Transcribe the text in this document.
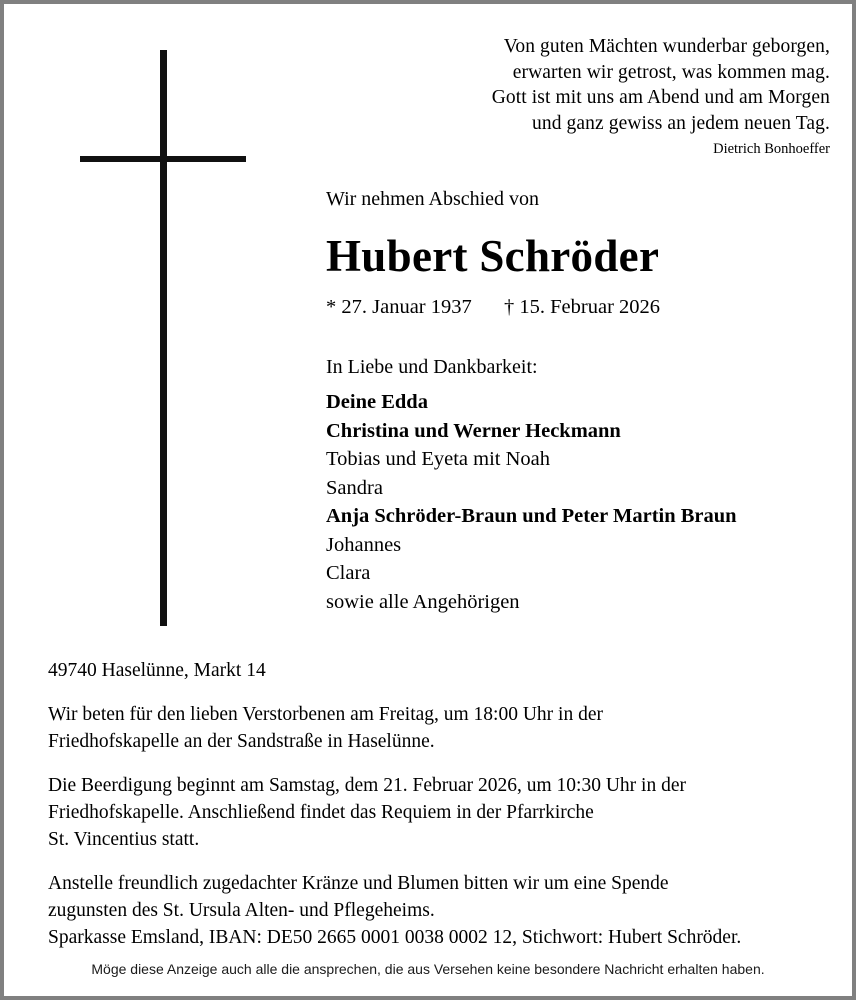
Von guten Mächten wunderbar geborgen,
erwarten wir getrost, was kommen mag.
Gott ist mit uns am Abend und am Morgen
und ganz gewiss an jedem neuen Tag.
Dietrich Bonhoeffer
Wir nehmen Abschied von
Hubert Schröder
* 27. Januar 1937 † 15. Februar 2026
In Liebe und Dankbarkeit:
Deine Edda
Christina und Werner Heckmann
Tobias und Eyeta mit Noah
Sandra
Anja Schröder-Braun und Peter Martin Braun
Johannes
Clara
sowie alle Angehörigen
49740 Haselünne, Markt 14
Wir beten für den lieben Verstorbenen am Freitag, um 18:00 Uhr in der
Friedhofskapelle an der Sandstraße in Haselünne.
Die Beerdigung beginnt am Samstag, dem 21. Februar 2026, um 10:30 Uhr in der
Friedhofskapelle. Anschließend findet das Requiem in der Pfarrkirche
St. Vincentius statt.
Anstelle freundlich zugedachter Kränze und Blumen bitten wir um eine Spende
zugunsten des St. Ursula Alten- und Pflegeheims.
Sparkasse Emsland, IBAN: DE50 2665 0001 0038 0002 12, Stichwort: Hubert Schröder.
Möge diese Anzeige auch alle die ansprechen, die aus Versehen keine besondere Nachricht erhalten haben.
